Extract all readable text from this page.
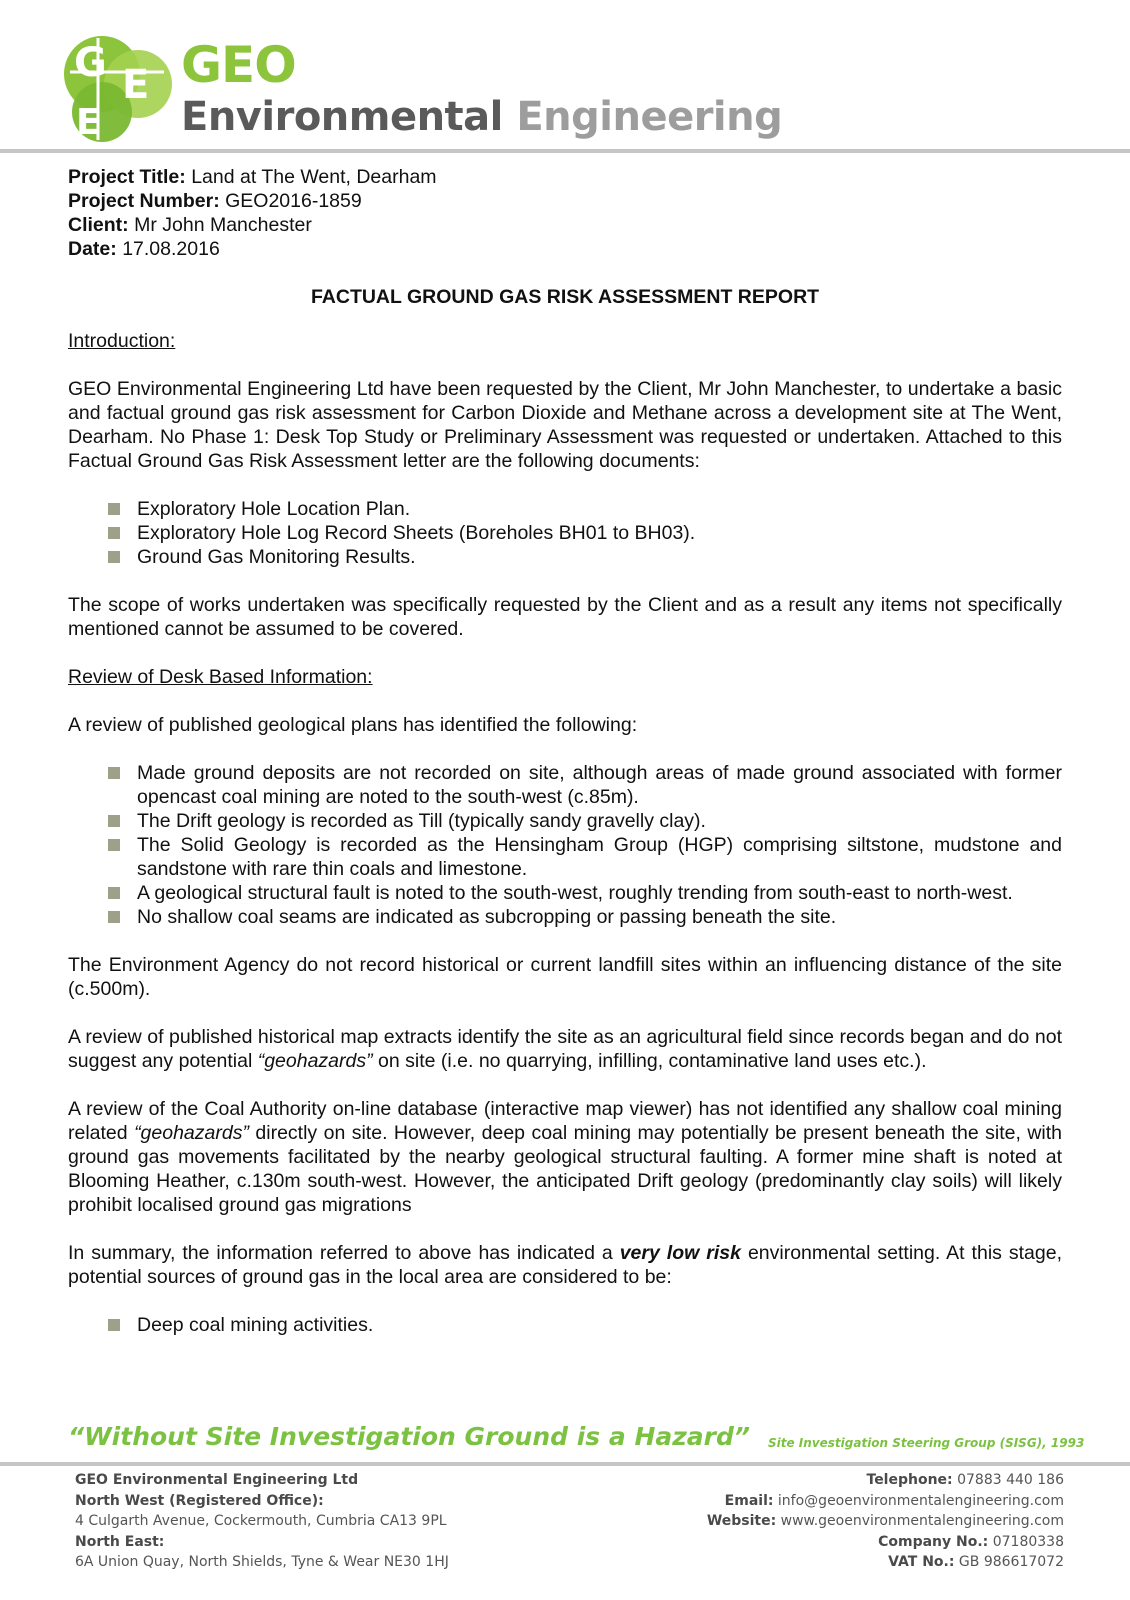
G E
E
GEO
Environmental Engineering

Project Title: Land at The Went, Dearham

Project Number: GEO2016-1859

Client: Mr John Manchester

Date: 17.08.2016

FACTUAL GROUND GAS RISK ASSESSMENT REPORT

Introduction:

GEO Environmental Engineering Ltd have been requested by the Client, Mr John Manchester, to undertake a basic and factual ground gas risk assessment for Carbon Dioxide and Methane across a development site at The Went, Dearham. No Phase 1: Desk Top Study or Preliminary Assessment was requested or undertaken. Attached to this Factual Ground Gas Risk Assessment letter are the following documents:

Exploratory Hole Location Plan.
Exploratory Hole Log Record Sheets (Boreholes BH01 to BH03).
Ground Gas Monitoring Results.

The scope of works undertaken was specifically requested by the Client and as a result any items not specifically mentioned cannot be assumed to be covered.

Review of Desk Based Information:

A review of published geological plans has identified the following:

Made ground deposits are not recorded on site, although areas of made ground associated with former opencast coal mining are noted to the south-west (c.85m).
The Drift geology is recorded as Till (typically sandy gravelly clay).
The Solid Geology is recorded as the Hensingham Group (HGP) comprising siltstone, mudstone and sandstone with rare thin coals and limestone.
A geological structural fault is noted to the south-west, roughly trending from south-east to north-west.
No shallow coal seams are indicated as subcropping or passing beneath the site.

The Environment Agency do not record historical or current landfill sites within an influencing distance of the site (c.500m).

A review of published historical map extracts identify the site as an agricultural field since records began and do not suggest any potential “geohazards” on site (i.e. no quarrying, infilling, contaminative land uses etc.).

A review of the Coal Authority on-line database (interactive map viewer) has not identified any shallow coal mining related “geohazards” directly on site. However, deep coal mining may potentially be present beneath the site, with ground gas movements facilitated by the nearby geological structural faulting. A former mine shaft is noted at Blooming Heather, c.130m south-west. However, the anticipated Drift geology (predominantly clay soils) will likely prohibit localised ground gas migrations

In summary, the information referred to above has indicated a very low risk environmental setting. At this stage, potential sources of ground gas in the local area are considered to be:

Deep coal mining activities.
“Without Site Investigation Ground is a Hazard” Site Investigation Steering Group (SISG), 1993
GEO Environmental Engineering Ltd
North West (Registered Office):
4 Culgarth Avenue, Cockermouth, Cumbria CA13 9PL
North East:
6A Union Quay, North Shields, Tyne & Wear NE30 1HJ
Telephone: 07883 440 186
Email: info@geoenvironmentalengineering.com
Website: www.geoenvironmentalengineering.com
Company No.: 07180338
VAT No.: GB 986617072
